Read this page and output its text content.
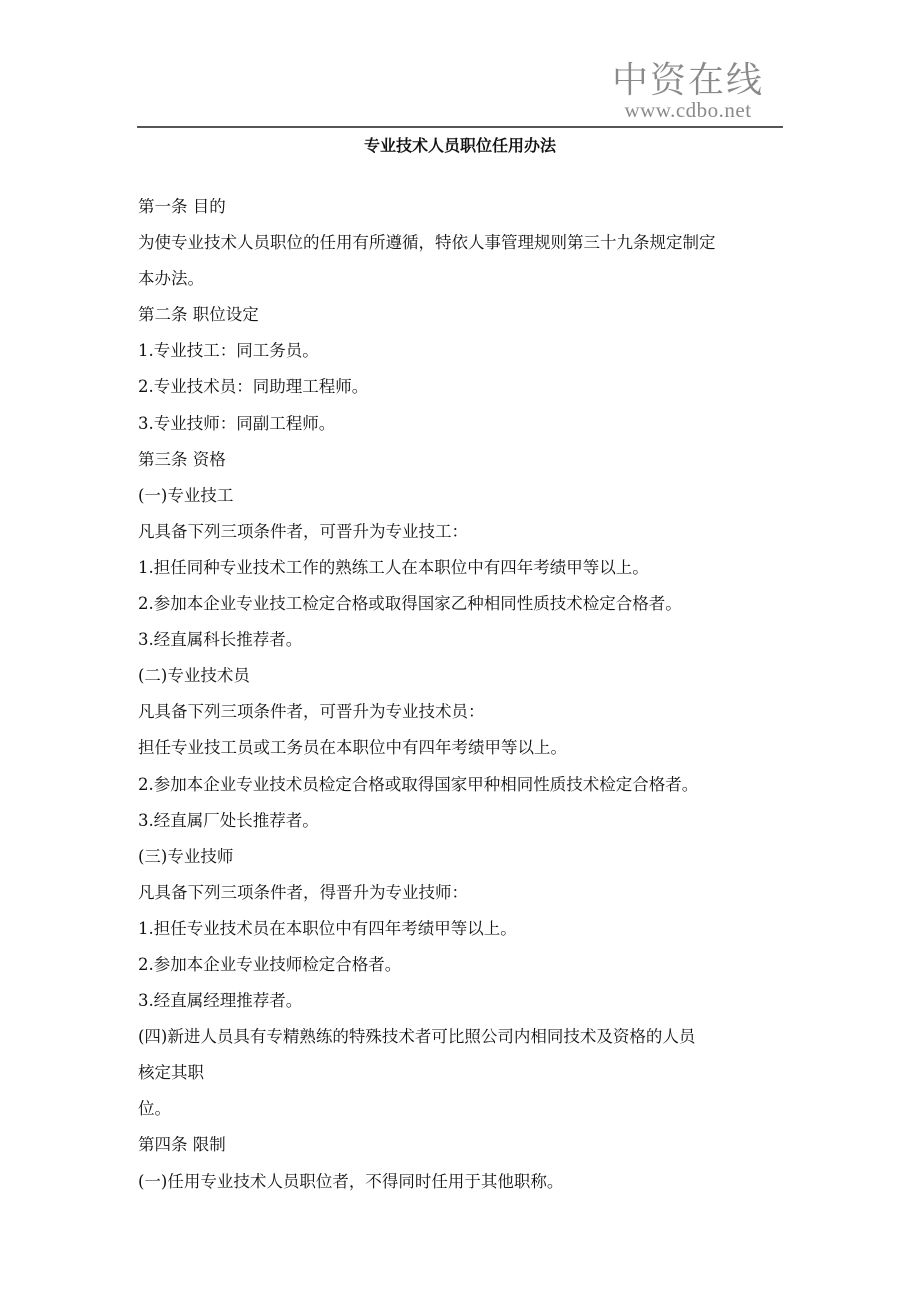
中资在线
www.cdbo.net
专业技术人员职位任用办法
第一条 目的
为使专业技术人员职位的任用有所遵循，特依人事管理规则第三十九条规定制定
本办法。
第二条 职位设定
1.专业技工：同工务员。
2.专业技术员：同助理工程师。
3.专业技师：同副工程师。
第三条 资格
(一)专业技工
凡具备下列三项条件者，可晋升为专业技工：
1.担任同种专业技术工作的熟练工人在本职位中有四年考绩甲等以上。
2.参加本企业专业技工检定合格或取得国家乙种相同性质技术检定合格者。
3.经直属科长推荐者。
(二)专业技术员
凡具备下列三项条件者，可晋升为专业技术员：
担任专业技工员或工务员在本职位中有四年考绩甲等以上。
2.参加本企业专业技术员检定合格或取得国家甲种相同性质技术检定合格者。
3.经直属厂处长推荐者。
(三)专业技师
凡具备下列三项条件者，得晋升为专业技师：
1.担任专业技术员在本职位中有四年考绩甲等以上。
2.参加本企业专业技师检定合格者。
3.经直属经理推荐者。
(四)新进人员具有专精熟练的特殊技术者可比照公司内相同技术及资格的人员
核定其职
位。
第四条 限制
(一)任用专业技术人员职位者，不得同时任用于其他职称。
